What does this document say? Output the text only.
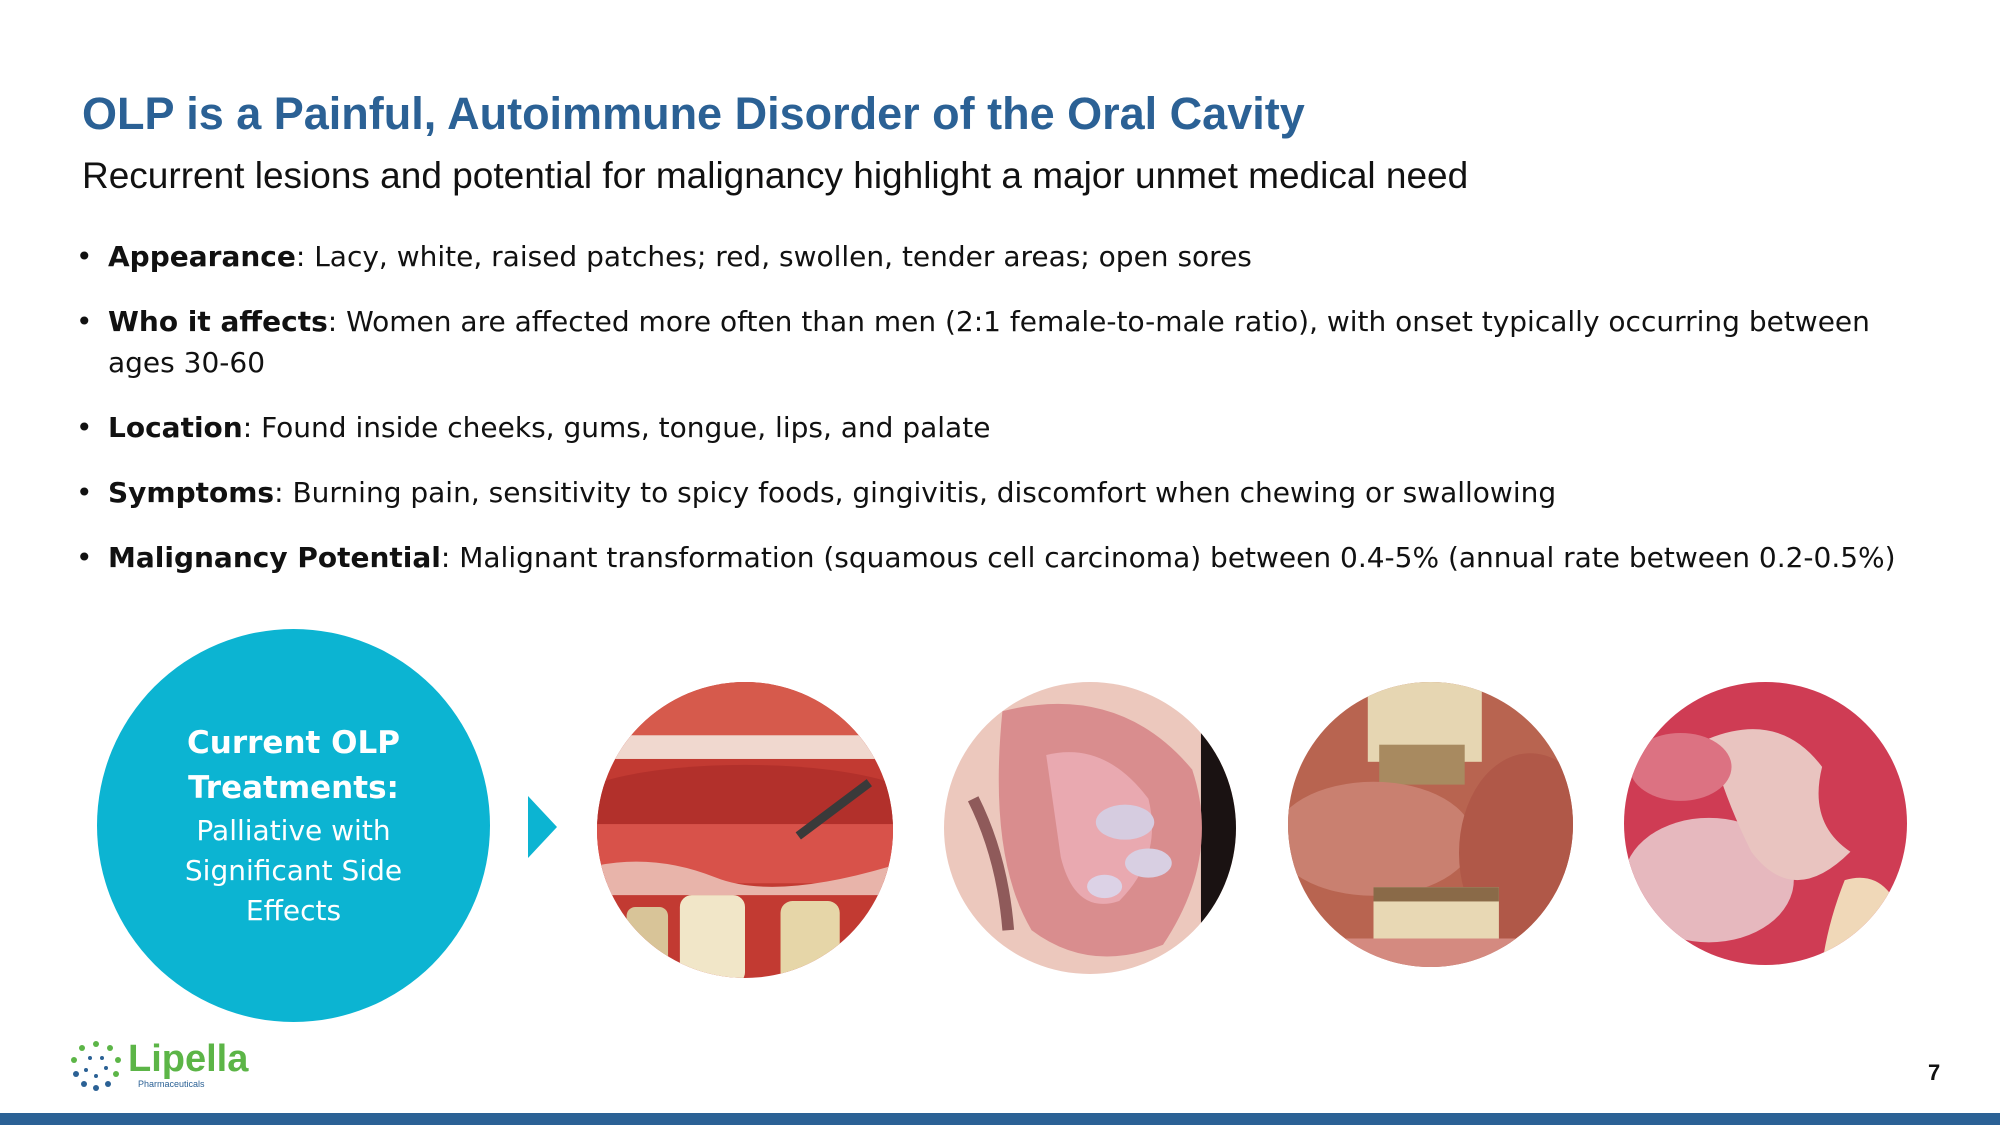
OLP is a Painful, Autoimmune Disorder of the Oral Cavity
Recurrent lesions and potential for malignancy highlight a major unmet medical need
• Appearance: Lacy, white, raised patches; red, swollen, tender areas; open sores
• Who it affects: Women are affected more often than men (2:1 female-to-male ratio), with onset typically occurring between ages 30-60
• Location: Found inside cheeks, gums, tongue, lips, and palate
• Symptoms: Burning pain, sensitivity to spicy foods, gingivitis, discomfort when chewing or swallowing
• Malignancy Potential: Malignant transformation (squamous cell carcinoma) between 0.4-5% (annual rate between 0.2-0.5%)
Current OLP Treatments:
Palliative with Significant Side Effects
Lipella
Pharmaceuticals	7
